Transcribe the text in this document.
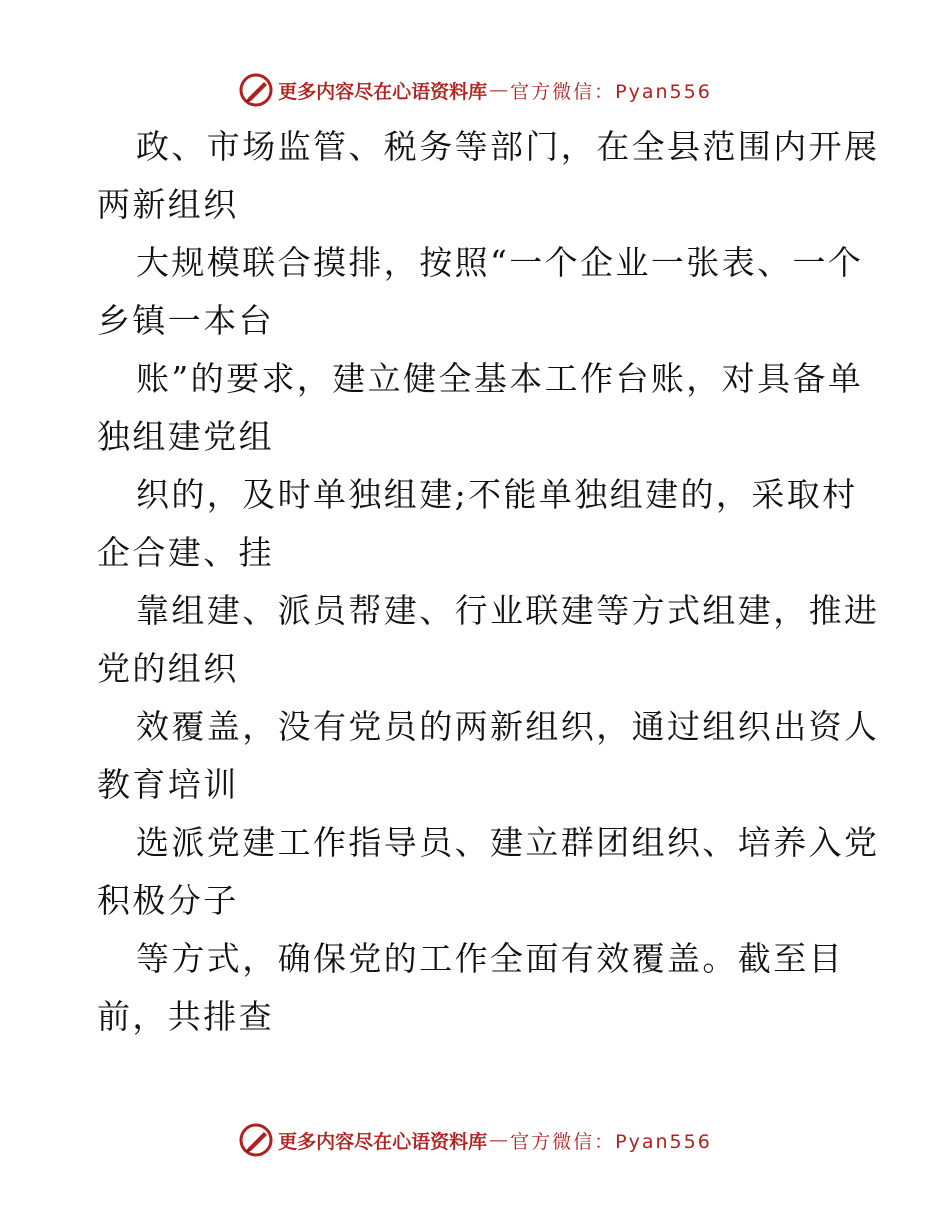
更多内容尽在心语资料库 — 官方微信：Pyan556
政、市场监管、税务等部门，在全县范围内开展
两新组织
大规模联合摸排，按照“一个企业一张表、一个
乡镇一本台
账”的要求，建立健全基本工作台账，对具备单
独组建党组
织的，及时单独组建;不能单独组建的，采取村
企合建、挂
靠组建、派员帮建、行业联建等方式组建，推进
党的组织
效覆盖，没有党员的两新组织，通过组织出资人
教育培训
选派党建工作指导员、建立群团组织、培养入党
积极分子
等方式，确保党的工作全面有效覆盖。截至目
前，共排查
更多内容尽在心语资料库 — 官方微信：Pyan556
